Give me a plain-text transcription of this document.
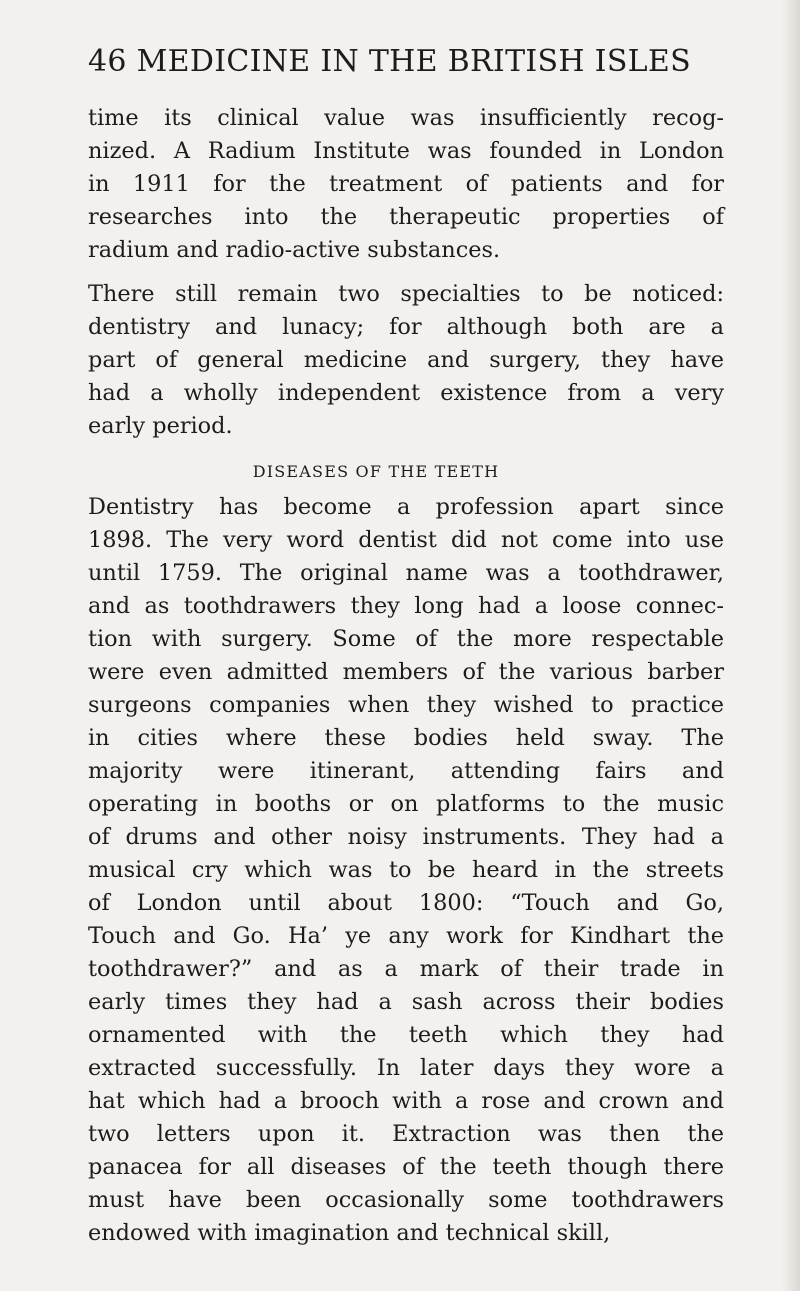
46 MEDICINE IN THE BRITISH ISLES
time its clinical value was insufficiently recog-
nized. A Radium Institute was founded in London
in 1911 for the treatment of patients and for
researches into the therapeutic properties of
radium and radio-active substances.
There still remain two specialties to be noticed:
dentistry and lunacy; for although both are a
part of general medicine and surgery, they have
had a wholly independent existence from a very
early period.
DISEASES OF THE TEETH
Dentistry has become a profession apart since
1898. The very word dentist did not come into use
until 1759. The original name was a toothdrawer,
and as toothdrawers they long had a loose connec-
tion with surgery. Some of the more respectable
were even admitted members of the various barber
surgeons companies when they wished to practice
in cities where these bodies held sway. The
majority were itinerant, attending fairs and
operating in booths or on platforms to the music
of drums and other noisy instruments. They had a
musical cry which was to be heard in the streets
of London until about 1800: “Touch and Go,
Touch and Go. Ha’ ye any work for Kindhart the
toothdrawer?” and as a mark of their trade in
early times they had a sash across their bodies
ornamented with the teeth which they had
extracted successfully. In later days they wore a
hat which had a brooch with a rose and crown and
two letters upon it. Extraction was then the
panacea for all diseases of the teeth though there
must have been occasionally some toothdrawers
endowed with imagination and technical skill,
